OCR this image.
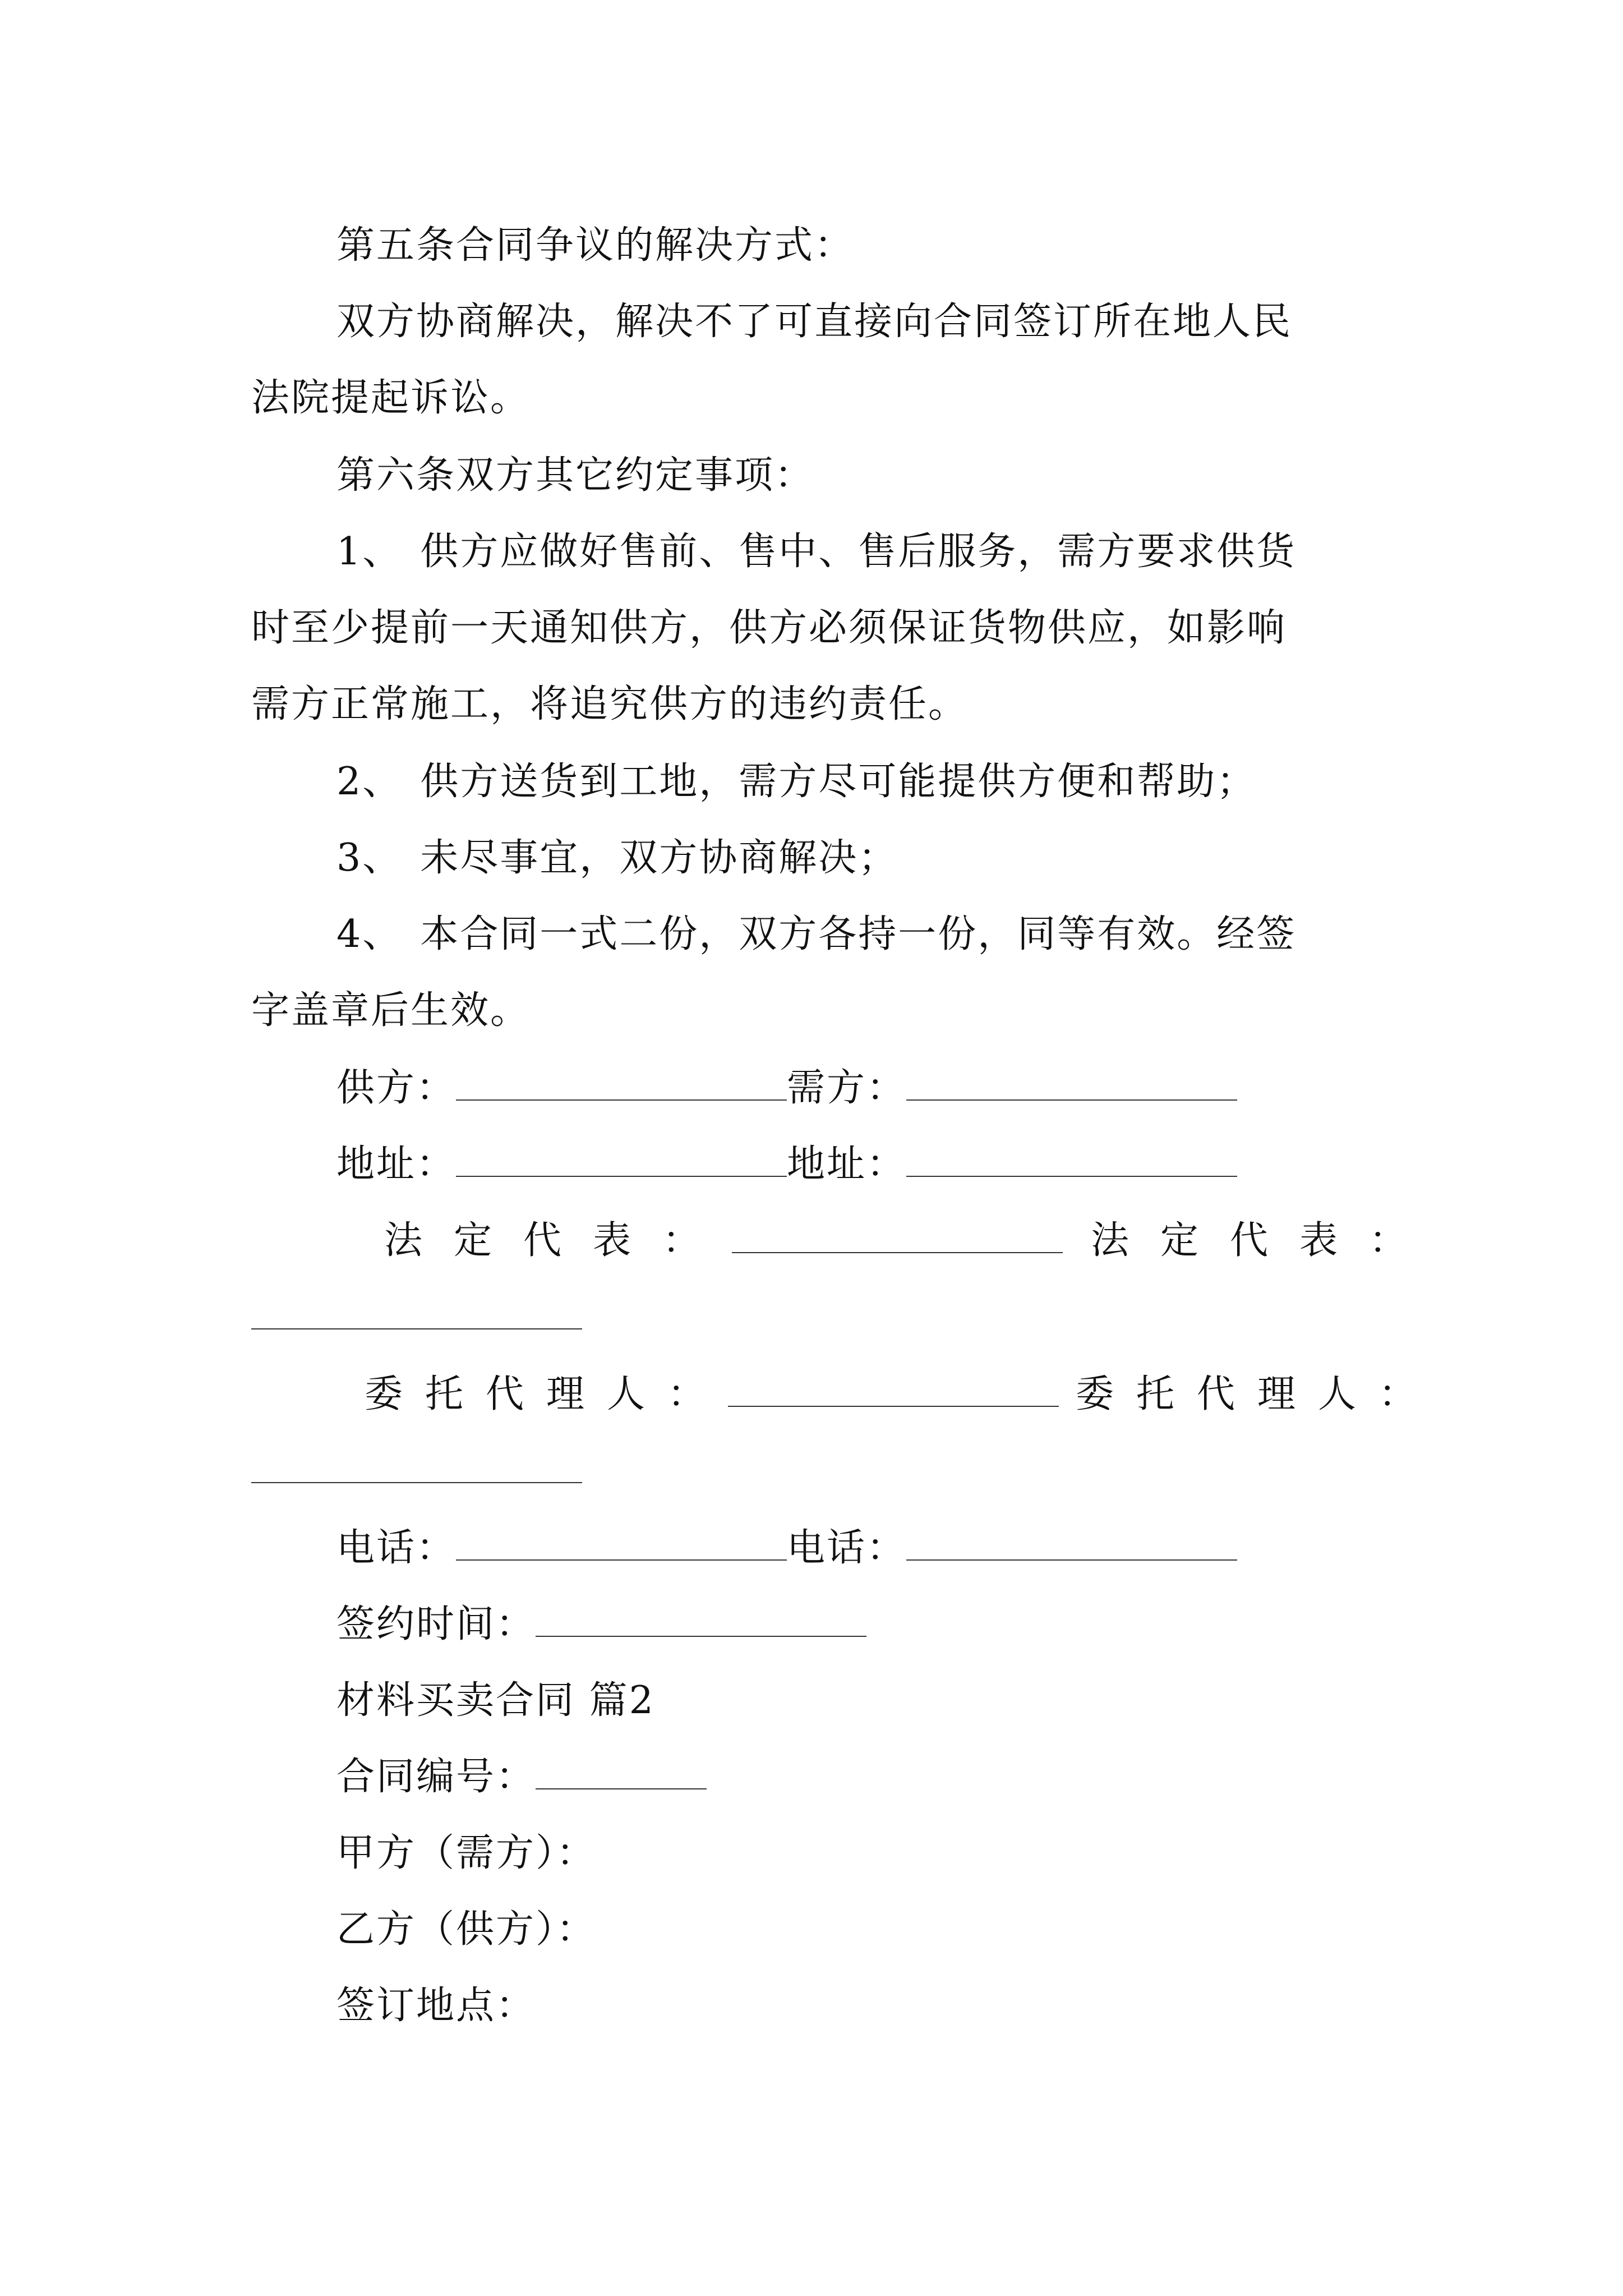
第五条合同争议的解决方式：
双方协商解决，解决不了可直接向合同签订所在地人民
法院提起诉讼。
第六条双方其它约定事项：
1、 供方应做好售前、售中、售后服务，需方要求供货
时至少提前一天通知供方，供方必须保证货物供应，如影响
需方正常施工，将追究供方的违约责任。
2、 供方送货到工地，需方尽可能提供方便和帮助；
3、 未尽事宜，双方协商解决；
4、 本合同一式二份，双方各持一份，同等有效。经签
字盖章后生效。
供方：	需方：
地址：	地址：
法定代表：	法定代表：
委托代理人：	委托代理人：
电话：	电话：
签约时间：
材料买卖合同 篇2
合同编号：
甲方（需方）：
乙方（供方）：
签订地点：
